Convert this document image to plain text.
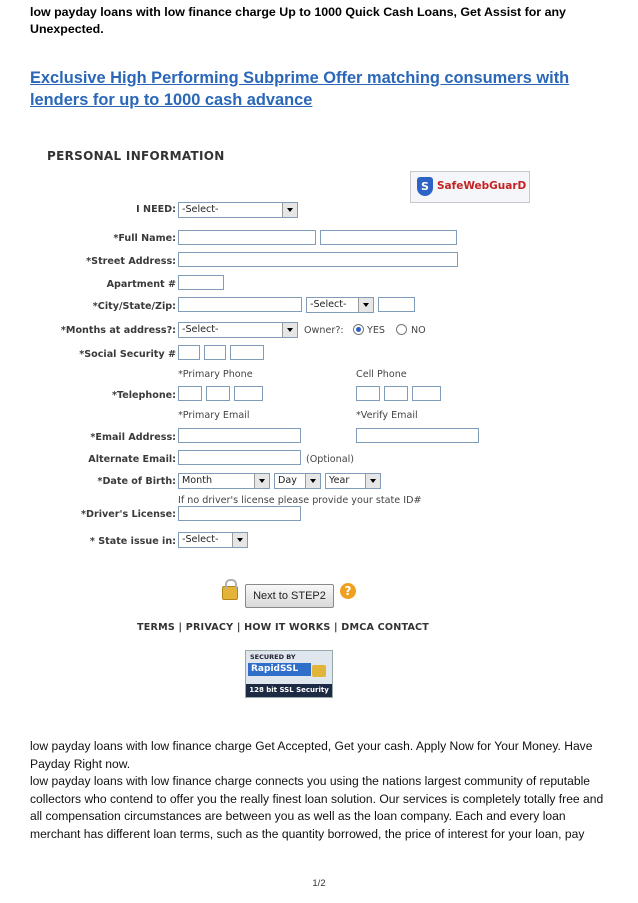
low payday loans with low finance charge Up to 1000 Quick Cash Loans, Get Assist for any Unexpected.
Exclusive High Performing Subprime Offer matching consumers with lenders for up to 1000 cash advance
PERSONAL INFORMATION
S SafeWebGuarD
I NEED: -Select-
*Full Name:
*Street Address:
Apartment #
*City/State/Zip:	-Select-
*Months at address?: -Select-	Owner?: YES	NO
*Social Security #
*Primary Phone	Cell Phone
*Telephone:
*Primary Email	*Verify Email
*Email Address:
Alternate Email:	(Optional)
*Date of Birth: Month	Day	Year
If no driver's license please provide your state ID#
*Driver's License:
* State issue in: -Select-
Next to STEP2	?
TERMS | PRIVACY | HOW IT WORKS | DMCA CONTACT
SECURED BY
RapidSSL
128 bit SSL Security

low payday loans with low finance charge Get Accepted, Get your cash. Apply Now for Your Money. Have Payday Right now.

low payday loans with low finance charge connects you using the nations largest community of reputable collectors who contend to offer you the really finest loan solution. Our services is completely totally free and all compensation circumstances are between you as well as the loan company. Each and every loan merchant has different loan terms, such as the quantity borrowed, the price of interest for your loan, pay

1/2
